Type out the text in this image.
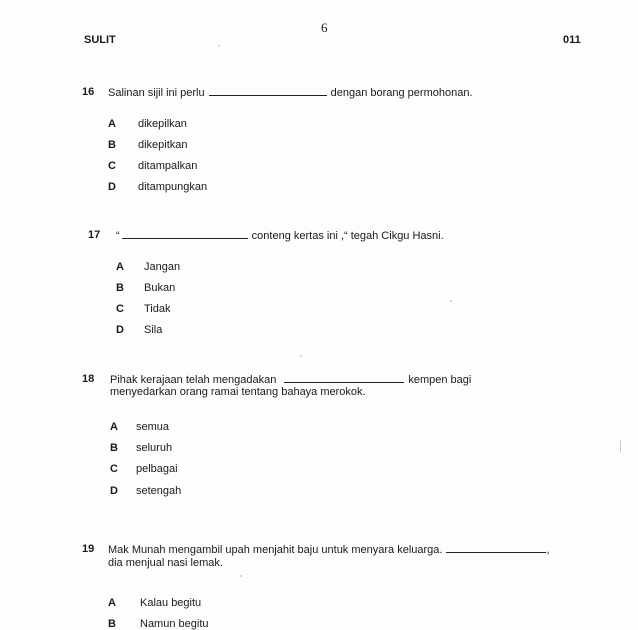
6
SULIT	011
16 Salinan sijil ini perlu	dengan borang permohonan.
A dikepilkan
B dikepitkan
C ditampalkan
D ditampungkan
17 “	conteng kertas ini ,“ tegah Cikgu Hasni.
A Jangan
B Bukan
C Tidak
D Sila
18 Pihak kerajaan telah mengadakan	kempen bagi
menyedarkan orang ramai tentang bahaya merokok.
A semua
B seluruh
C pelbagai
D setengah
19 Mak Munah mengambil upah menjahit baju untuk menyara keluarga.	,
dia menjual nasi lemak.
A Kalau begitu
B Namun begitu
